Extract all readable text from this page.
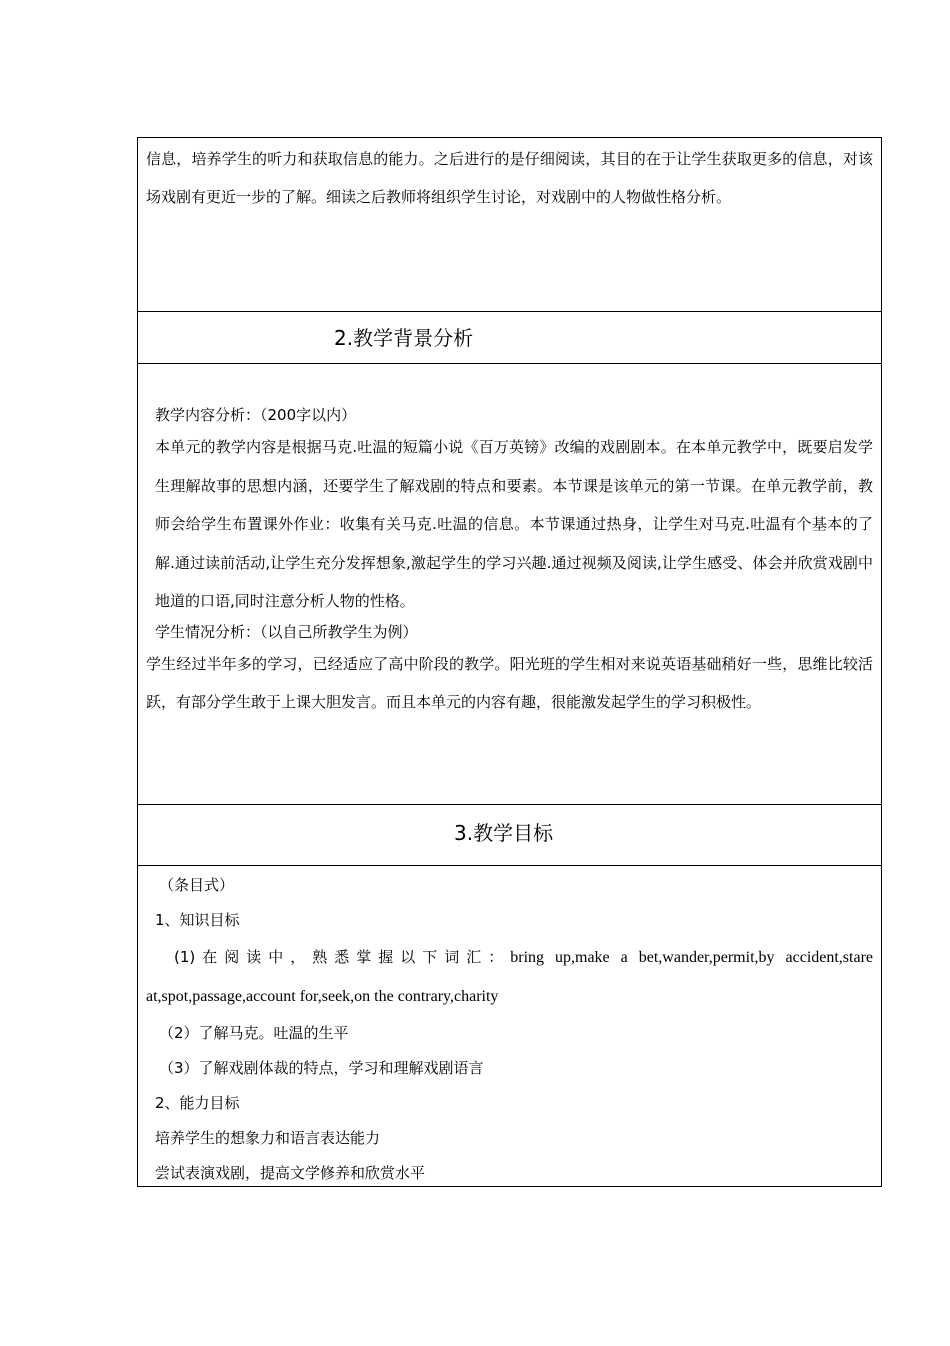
信息，培养学生的听力和获取信息的能力。之后进行的是仔细阅读，其目的在于让学生获取更多的信息，对该场戏剧有更近一步的了解。细读之后教师将组织学生讨论，对戏剧中的人物做性格分析。
2.教学背景分析
教学内容分析：（200字以内）
本单元的教学内容是根据马克.吐温的短篇小说《百万英镑》改编的戏剧剧本。在本单元教学中，既要启发学生理解故事的思想内涵，还要学生了解戏剧的特点和要素。本节课是该单元的第一节课。在单元教学前，教师会给学生布置课外作业：收集有关马克.吐温的信息。本节课通过热身，让学生对马克.吐温有个基本的了解.通过读前活动,让学生充分发挥想象,激起学生的学习兴趣.通过视频及阅读,让学生感受、体会并欣赏戏剧中地道的口语,同时注意分析人物的性格。
学生情况分析：（以自己所教学生为例）
学生经过半年多的学习，已经适应了高中阶段的教学。阳光班的学生相对来说英语基础稍好一些，思维比较活跃，有部分学生敢于上课大胆发言。而且本单元的内容有趣，很能激发起学生的学习积极性。
3.教学目标
（条目式）
1、知识目标
(1)在阅读中，熟悉掌握以下词汇：bring up,make a bet,wander,permit,by accident,stare at,spot,passage,account for,seek,on the contrary,charity
（2）了解马克。吐温的生平
（3）了解戏剧体裁的特点，学习和理解戏剧语言
2、能力目标
培养学生的想象力和语言表达能力
尝试表演戏剧，提高文学修养和欣赏水平
